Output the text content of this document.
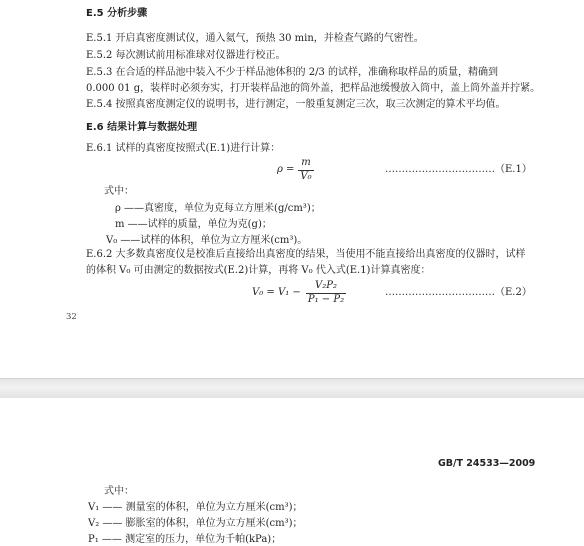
E.5 分析步骤
E.5.1 开启真密度测试仪，通入氦气，预热 30 min，并检查气路的气密性。
E.5.2 每次测试前用标准球对仪器进行校正。
E.5.3 在合适的样品池中装入不少于样品池体积的 2/3 的试样，准确称取样品的质量，精确到
0.000 01 g，装样时必须夯实，打开装样品池的筒外盖，把样品池缓慢放入筒中，盖上筒外盖并拧紧。
E.5.4 按照真密度测定仪的说明书，进行测定，一般重复测定三次，取三次测定的算术平均值。
E.6 结果计算与数据处理
E.6.1 试样的真密度按照式(E.1)进行计算：
ρ =
m
V₀
……………………………（E.1）
式中：
ρ ——真密度，单位为克每立方厘米(g/cm³)；
m ——试样的质量，单位为克(g)；
V₀ ——试样的体积，单位为立方厘米(cm³)。
E.6.2 大多数真密度仪是校准后直接给出真密度的结果，当使用不能直接给出真密度的仪器时，试样
的体积 V₀ 可由测定的数据按式(E.2)计算，再将 V₀ 代入式(E.1)计算真密度：
V₀ = V₁ −
V₂P₂
P₁ − P₂
……………………………（E.2）
32
GB/T 24533—2009
式中：
V₁ —— 测量室的体积，单位为立方厘米(cm³)；
V₂ —— 膨胀室的体积，单位为立方厘米(cm³)；
P₁ —— 测定室的压力，单位为千帕(kPa)；
